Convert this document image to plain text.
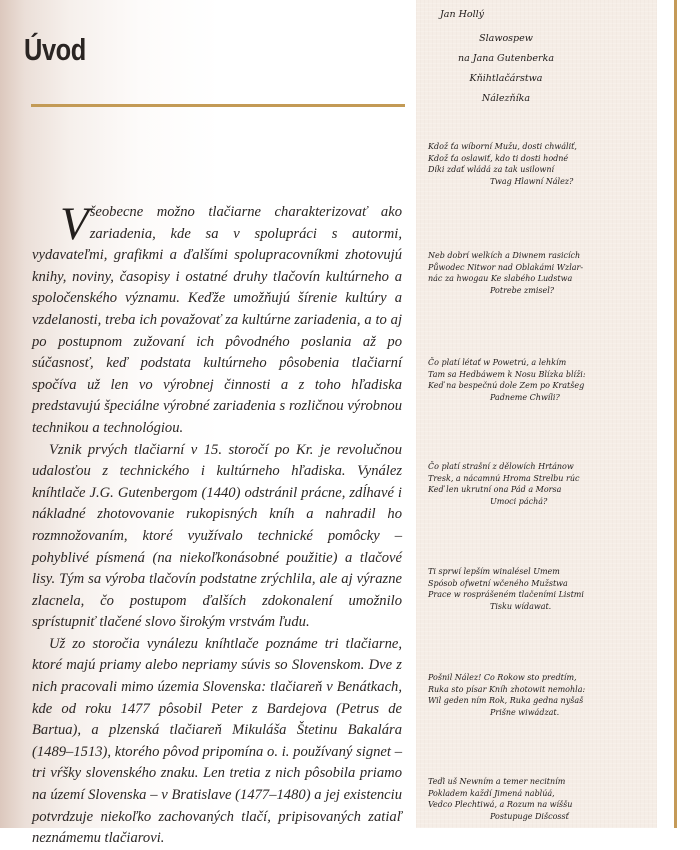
Úvod

Všeobecne možno tlačiarne charakterizovať ako zariadenia, kde sa v spolupráci s autormi, vydavateľmi, grafikmi a ďalšími spolupracovníkmi zhotovujú knihy, noviny, časopisy i ostatné druhy tlačovín kultúrneho a spoločenského významu. Keďže umožňujú šírenie kultúry a vzdelanosti, treba ich považovať za kultúrne zariadenia, a to aj po postupnom zužovaní ich pôvodného poslania až po súčasnosť, keď podstata kultúrneho pôsobenia tlačiarní spočíva už len vo výrobnej činnosti a z toho hľadiska predstavujú špeciálne výrobné zariadenia s rozličnou výrobnou technikou a technológiou.

Vznik prvých tlačiarní v 15. storočí po Kr. je revolučnou udalosťou z technického i kultúrneho hľadiska. Vynález kníhtlače J.G. Gutenbergom (1440) odstránil prácne, zdĺhavé i nákladné zhotovovanie rukopisných kníh a nahradil ho rozmnožovaním, ktoré využívalo technické pomôcky – pohyblivé písmená (na niekoľkonásobné použitie) a tlačové lisy. Tým sa výroba tlačovín podstatne zrýchlila, ale aj výrazne zlacnela, čo postupom ďalších zdokonalení umožnilo sprístupniť tlačené slovo širokým vrstvám ľudu.

Už zo storočia vynálezu kníhtlače poznáme tri tlačiarne, ktoré majú priamy alebo nepriamy súvis so Slovenskom. Dve z nich pracovali mimo územia Slovenska: tlačiareň v Benátkach, kde od roku 1477 pôsobil Peter z Bardejova (Petrus de Bartua), a plzenská tlačiareň Mikuláša Štetinu Bakalára (1489–1513), ktorého pôvod pripomína o. i. používaný signet – tri vŕšky slovenského znaku. Len tretia z nich pôsobila priamo na území Slovenska – v Bratislave (1477–1480) a jej existenciu potvrdzuje niekoľko zachovaných tlačí, pripisovaných zatiaľ neznámemu tlačiarovi.

Jan Hollý
Slawospew
na Jana Gutenberka
Kňihtlačárstwa
Nálezňíka
Kdož ťa wíborní Mužu, dosti chwáliť,
Kdož ťa oslawiť, kdo ti dosti hodné
Díki zdať wládá za tak usilowní
Twag Hlawní Nález?
Neb dobrí welkích a Diwnem rasicích
Půwodec Nitwor nad Oblakámi Wzlar-
nác za hwogau Ke slabého Ludstwa
Potrebe zmisel?
Čo platí létať w Powetrú, a lehkím
Tam sa Hedbáwem k Nosu Blízka blíži:
Keď na bespečnú dole Zem po Kratšeg
Padneme Chwíli?
Čo platí strašní z dělowích Hrtánow
Tresk, a nácamnú Hroma Strelbu rúc
Keď len ukrutní ona Pád a Morsa
Umoci páchá?
Ti sprwí lepším winalésel Umem
Spósob ofwetní wčeného Mužstwa
Prace w rosprášeném tlačeními Listmi
Tisku wídawat.
Pošnil Nález! Co Rokow sto predtím,
Ruka sto písar Kníh zhotowit nemohla:
Wil geden ním Rok, Ruka gedna nyšaš
Prišne wiwádzat.
Teďi uš Newním a temer necitním
Pokladem každí Jimená nablúá,
Vedco Plechtiwá, a Rozum na wíššu
Postupuge Dišcossť
